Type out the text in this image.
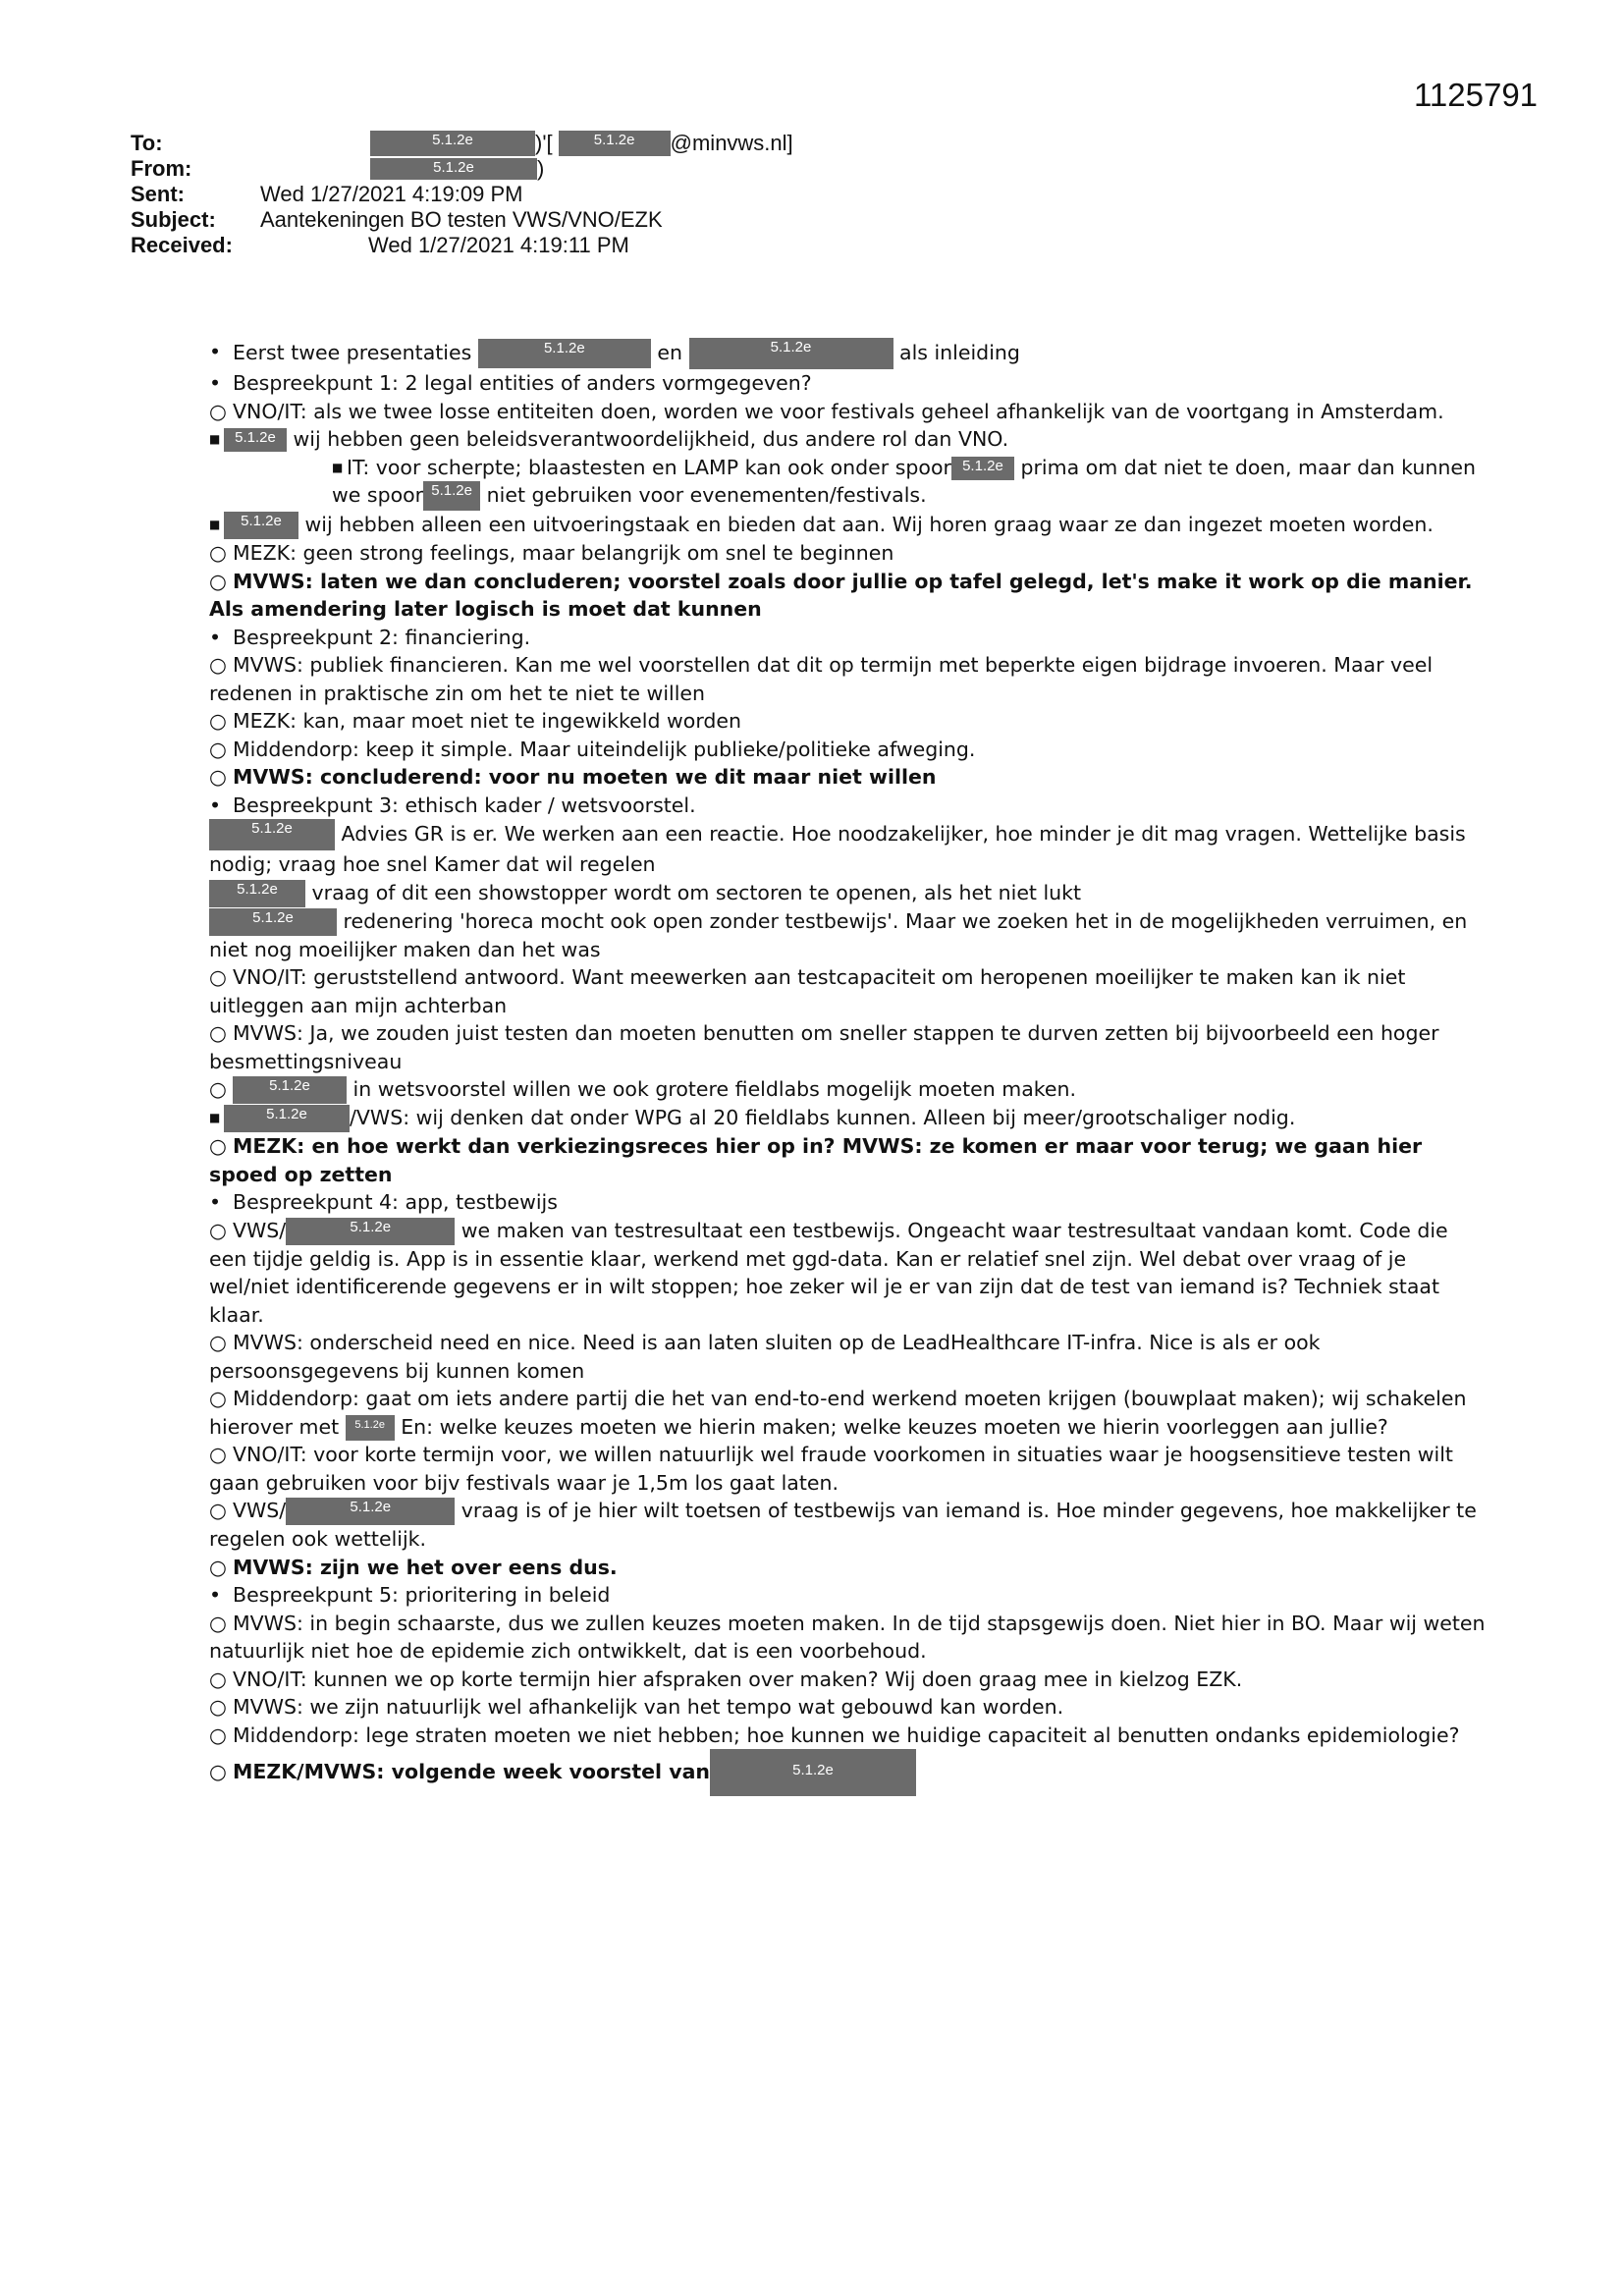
1125791
To:	5.1.2e	)'[	5.1.2e	@minvws.nl]
From:	5.1.2e	)
Sent:	Wed 1/27/2021 4:19:09 PM
Subject:	Aantekeningen BO testen VWS/VNO/EZK
Received:	Wed 1/27/2021 4:19:11 PM

• Eerst twee presentaties	5.1.2e	en	5.1.2e	als inleiding

• Bespreekpunt 1: 2 legal entities of anders vormgegeven?

○ VNO/IT: als we twee losse entiteiten doen, worden we voor festivals geheel afhankelijk van de voortgang in Amsterdam.

■ 5.1.2e wij hebben geen beleidsverantwoordelijkheid, dus andere rol dan VNO.

■ IT: voor scherpte; blaastesten en LAMP kan ook onder spoor 5.1.2e prima om dat niet te doen, maar dan kunnen we spoor 5.1.2e niet gebruiken voor evenementen/festivals.

■ 5.1.2e wij hebben alleen een uitvoeringstaak en bieden dat aan. Wij horen graag waar ze dan ingezet moeten worden.

○ MEZK: geen strong feelings, maar belangrijk om snel te beginnen

○ MVWS: laten we dan concluderen; voorstel zoals door jullie op tafel gelegd, let's make it work op die manier. Als amendering later logisch is moet dat kunnen

• Bespreekpunt 2: financiering.

○ MVWS: publiek financieren. Kan me wel voorstellen dat dit op termijn met beperkte eigen bijdrage invoeren. Maar veel redenen in praktische zin om het te niet te willen

○ MEZK: kan, maar moet niet te ingewikkeld worden

○ Middendorp: keep it simple. Maar uiteindelijk publieke/politieke afweging.

○ MVWS: concluderend: voor nu moeten we dit maar niet willen

• Bespreekpunt 3: ethisch kader / wetsvoorstel.

5.1.2e Advies GR is er. We werken aan een reactie. Hoe noodzakelijker, hoe minder je dit mag vragen. Wettelijke basis nodig; vraag hoe snel Kamer dat wil regelen

5.1.2e vraag of dit een showstopper wordt om sectoren te openen, als het niet lukt

5.1.2e redenering 'horeca mocht ook open zonder testbewijs'. Maar we zoeken het in de mogelijkheden verruimen, en niet nog moeilijker maken dan het was

○ VNO/IT: geruststellend antwoord. Want meewerken aan testcapaciteit om heropenen moeilijker te maken kan ik niet uitleggen aan mijn achterban

○ MVWS: Ja, we zouden juist testen dan moeten benutten om sneller stappen te durven zetten bij bijvoorbeeld een hoger besmettingsniveau

○	5.1.2e in wetsvoorstel willen we ook grotere fieldlabs mogelijk moeten maken.

■	5.1.2e /VWS: wij denken dat onder WPG al 20 fieldlabs kunnen. Alleen bij meer/grootschaliger nodig.

○ MEZK: en hoe werkt dan verkiezingsreces hier op in? MVWS: ze komen er maar voor terug; we gaan hier spoed op zetten

• Bespreekpunt 4: app, testbewijs

○ VWS/	5.1.2e	we maken van testresultaat een testbewijs. Ongeacht waar testresultaat vandaan komt. Code die een tijdje geldig is. App is in essentie klaar, werkend met ggd-data. Kan er relatief snel zijn. Wel debat over vraag of je wel/niet identificerende gegevens er in wilt stoppen; hoe zeker wil je er van zijn dat de test van iemand is? Techniek staat klaar.

○ MVWS: onderscheid need en nice. Need is aan laten sluiten op de LeadHealthcare IT-infra. Nice is als er ook persoonsgegevens bij kunnen komen

○ Middendorp: gaat om iets andere partij die het van end-to-end werkend moeten krijgen (bouwplaat maken); wij schakelen hierover met 5.1.2e En: welke keuzes moeten we hierin maken; welke keuzes moeten we hierin voorleggen aan jullie?

○ VNO/IT: voor korte termijn voor, we willen natuurlijk wel fraude voorkomen in situaties waar je hoogsensitieve testen wilt gaan gebruiken voor bijv festivals waar je 1,5m los gaat laten.

○ VWS/	5.1.2e	vraag is of je hier wilt toetsen of testbewijs van iemand is. Hoe minder gegevens, hoe makkelijker te regelen ook wettelijk.

○ MVWS: zijn we het over eens dus.

• Bespreekpunt 5: prioritering in beleid

○ MVWS: in begin schaarste, dus we zullen keuzes moeten maken. In de tijd stapsgewijs doen. Niet hier in BO. Maar wij weten natuurlijk niet hoe de epidemie zich ontwikkelt, dat is een voorbehoud.

○ VNO/IT: kunnen we op korte termijn hier afspraken over maken? Wij doen graag mee in kielzog EZK.

○ MVWS: we zijn natuurlijk wel afhankelijk van het tempo wat gebouwd kan worden.

○ Middendorp: lege straten moeten we niet hebben; hoe kunnen we huidige capaciteit al benutten ondanks epidemiologie?

○ MEZK/MVWS: volgende week voorstel van	5.1.2e
